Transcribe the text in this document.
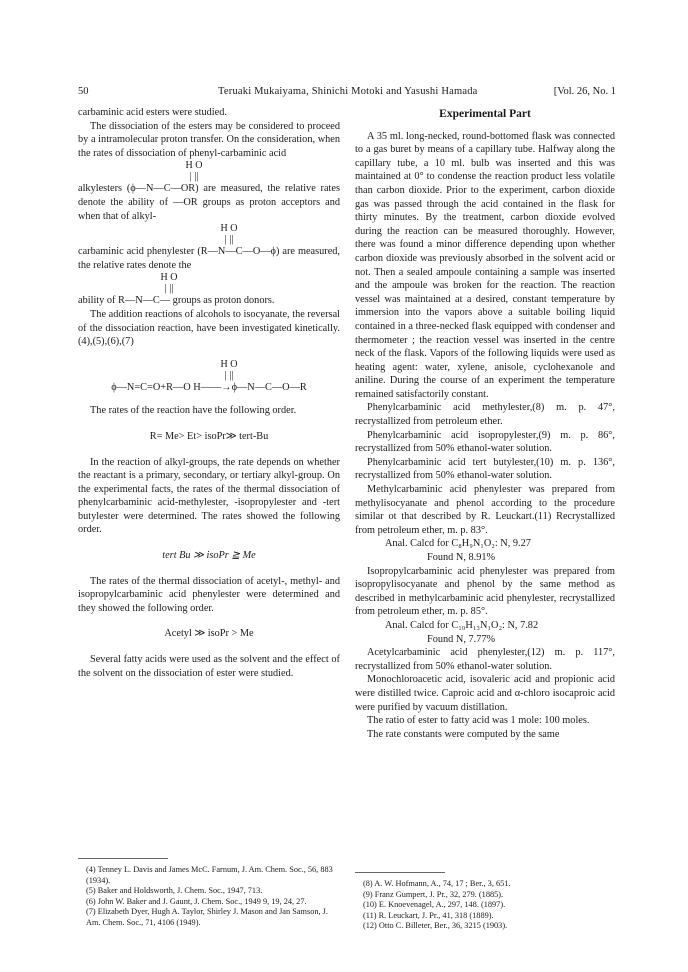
50	Teruaki Mukaiyama, Shinichi Motoki and Yasushi Hamada	[Vol. 26, No. 1

carbaminic acid esters were studied.

The dissociation of the esters may be considered to proceed by a intramolecular proton transfer. On the consideration, when the rates of dissociation of phenyl-carbaminic acid

H O

| ||

alkylesters (ϕ—N—C—OR) are measured, the relative rates denote the ability of —OR groups as proton acceptors and when that of alkyl-

H O

| ||

carbaminic acid phenylester (R—N—C—O—ϕ) are measured, the relative rates denote the

H O

| ||

ability of R—N—C— groups as proton donors.

The addition reactions of alcohols to isocyanate, the reversal of the dissociation reaction, have been investigated kinetically.(4),(5),(6),(7)

H O

| ||

ϕ—N=C=O+R—O H——→ϕ—N—C—O—R

The rates of the reaction have the following order.

R= Me> Et> isoPr≫ tert-Bu

In the reaction of alkyl-groups, the rate depends on whether the reactant is a primary, secondary, or tertiary alkyl-group. On the experimental facts, the rates of the thermal dissociation of phenylcarbaminic acid-methylester, -isopropylester and -tert butylester were determined. The rates showed the following order.

tert Bu ≫ isoPr ≧ Me

The rates of the thermal dissociation of acetyl-, methyl- and isopropylcarbaminic acid phenylester were determined and they showed the following order.

Acetyl ≫ isoPr > Me

Several fatty acids were used as the solvent and the effect of the solvent on the dissociation of ester were studied.

Experimental Part

A 35 ml. long-necked, round-bottomed flask was connected to a gas buret by means of a capillary tube. Halfway along the capillary tube, a 10 ml. bulb was inserted and this was maintained at 0° to condense the reaction product less volatile than carbon dioxide. Prior to the experiment, carbon dioxide gas was passed through the acid contained in the flask for thirty minutes. By the treatment, carbon dioxide evolved during the reaction can be measured thoroughly. However, there was found a minor difference depending upon whether carbon dioxide was previously absorbed in the solvent acid or not. Then a sealed ampoule containing a sample was inserted and the ampoule was broken for the reaction. The reaction vessel was maintained at a desired, constant temperature by immersion into the vapors above a suitable boiling liquid contained in a three-necked flask equipped with condenser and thermometer ; the reaction vessel was inserted in the centre neck of the flask. Vapors of the following liquids were used as heating agent: water, xylene, anisole, cyclohexanole and aniline. During the course of an experiment the temperature remained satisfactorily constant.

Phenylcarbaminic acid methylester,(8) m. p. 47°, recrystallized from petroleum ether.

Phenylcarbaminic acid isopropylester,(9) m. p. 86°, recrystallized from 50% ethanol-water solution.

Phenylcarbaminic acid tert butylester,(10) m. p. 136°, recrystallized from 50% ethanol-water solution.

Methylcarbaminic acid phenylester was prepared from methylisocyanate and phenol according to the procedure similar ot that described by R. Leuckart.(11) Recrystallized from petroleum ether, m. p. 83°.

Anal. Calcd for C₈H₉N₁O₂: N, 9.27

Found N, 8.91%

Isopropylcarbaminic acid phenylester was prepared from isopropylisocyanate and phenol by the same method as described in methylcarbaminic acid phenylester, recrystallized from petroleum ether, m. p. 85°.

Anal. Calcd for C₁₀H₁₃N₁O₂: N, 7.82

Found N, 7.77%

Acetylcarbaminic acid phenylester,(12) m. p. 117°, recrystallized from 50% ethanol-water solution.

Monochloroacetic acid, isovaleric acid and propionic acid were distilled twice. Caproic acid and α-chloro isocaproic acid were purified by vacuum distillation.

The ratio of ester to fatty acid was 1 mole: 100 moles.

The rate constants were computed by the same

(4) Tenney L. Davis and James McC. Farnum, J. Am. Chem. Soc., 56, 883 (1934).
(5) Baker and Holdsworth, J. Chem. Soc., 1947, 713.
(6) John W. Baker and J. Gaunt, J. Chem. Soc., 1949 9, 19, 24, 27.
(7) Elizabeth Dyer, Hugh A. Taylor, Shirley J. Mason and Jan Samson, J. Am. Chem. Soc., 71, 4106 (1949).
(8) A. W. Hofmann, A., 74, 17 ; Ber., 3, 651.
(9) Franz Gumpert, J. Pr., 32, 279. (1885).
(10) E. Knoevenagel, A., 297, 148. (1897).
(11) R. Leuckart, J. Pr., 41, 318 (1889).
(12) Otto C. Billeter, Ber., 36, 3215 (1903).
